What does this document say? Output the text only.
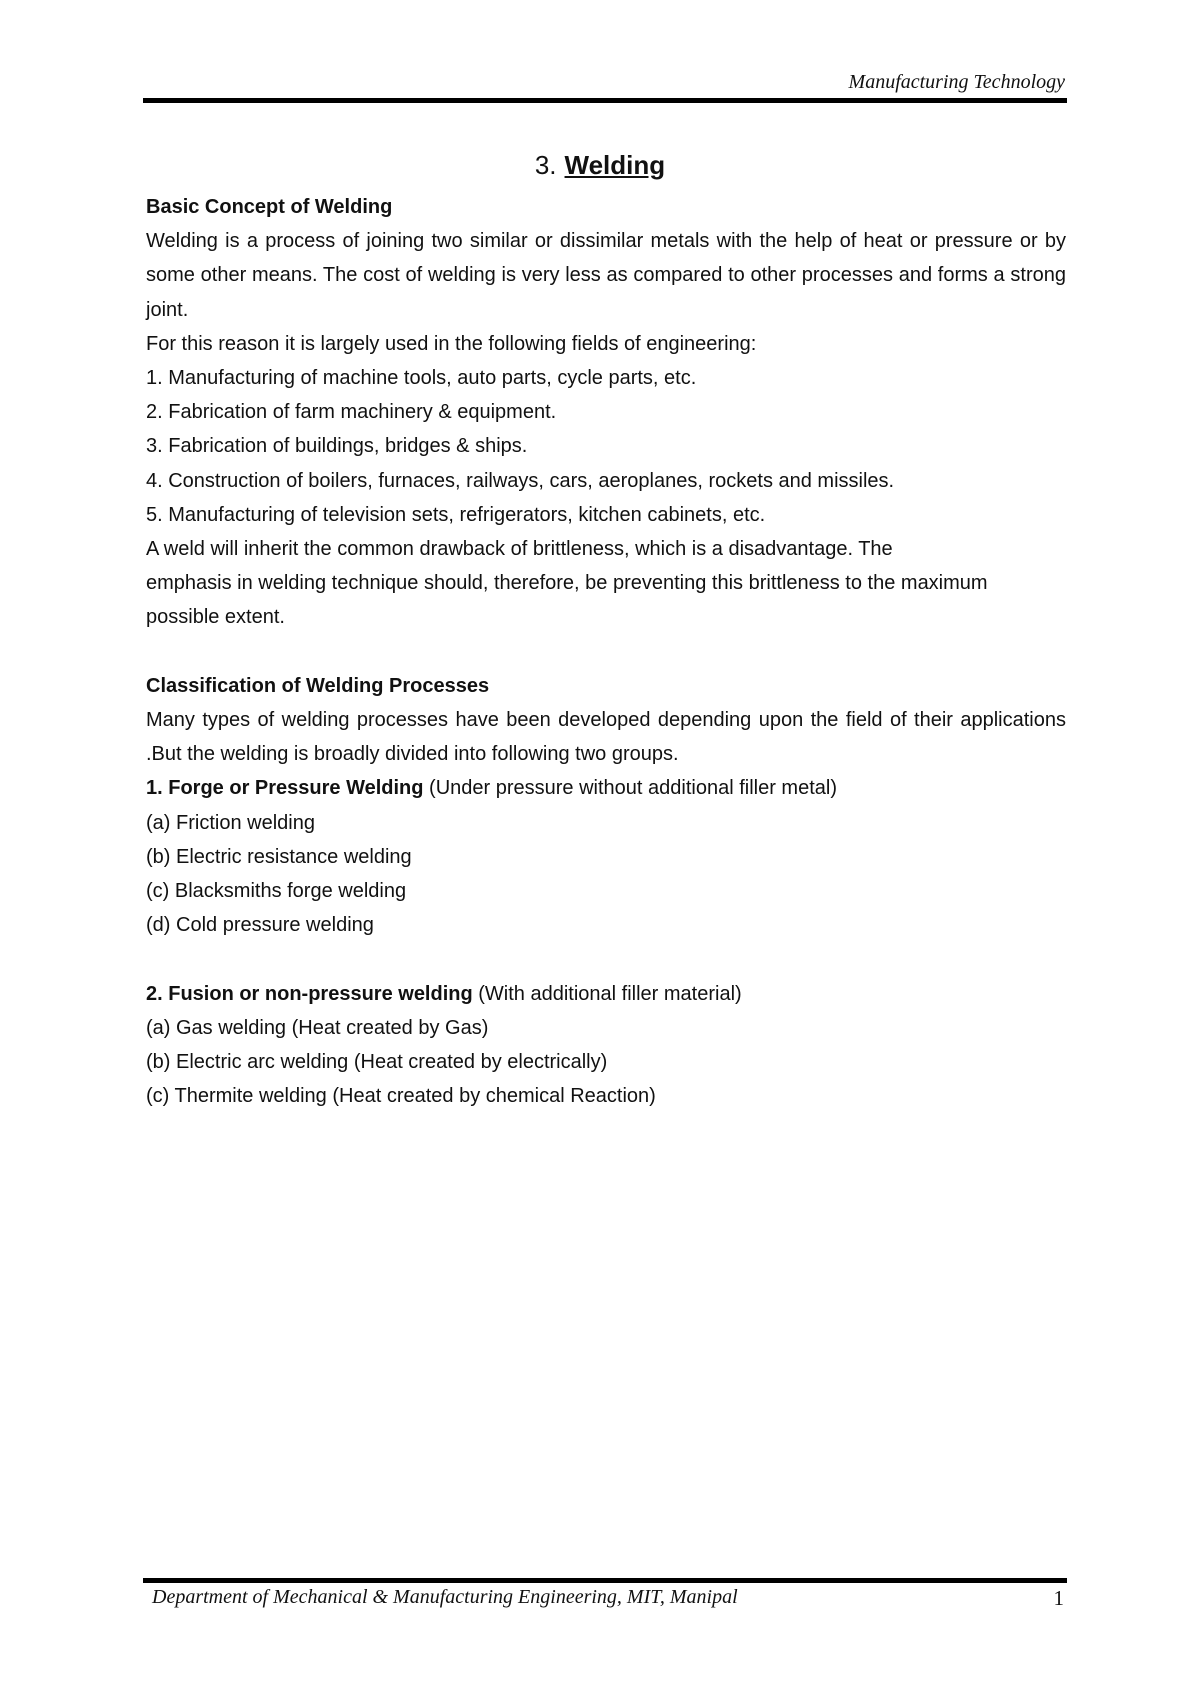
Manufacturing Technology
3. Welding
Basic Concept of Welding
Welding is a process of joining two similar or dissimilar metals with the help of heat or pressure or by some other means. The cost of welding is very less as compared to other processes and forms a strong joint.
For this reason it is largely used in the following fields of engineering:
1. Manufacturing of machine tools, auto parts, cycle parts, etc.
2. Fabrication of farm machinery & equipment.
3. Fabrication of buildings, bridges & ships.
4. Construction of boilers, furnaces, railways, cars, aeroplanes, rockets and missiles.
5. Manufacturing of television sets, refrigerators, kitchen cabinets, etc.
A weld will inherit the common drawback of brittleness, which is a disadvantage. The
emphasis in welding technique should, therefore, be preventing this brittleness to the maximum
possible extent.
Classification of Welding Processes
Many types of welding processes have been developed depending upon the field of their applications .But the welding is broadly divided into following two groups.
1. Forge or Pressure Welding (Under pressure without additional filler metal)
(a) Friction welding
(b) Electric resistance welding
(c) Blacksmiths forge welding
(d) Cold pressure welding
2. Fusion or non-pressure welding (With additional filler material)
(a) Gas welding (Heat created by Gas)
(b) Electric arc welding (Heat created by electrically)
(c) Thermite welding (Heat created by chemical Reaction)
Department of Mechanical & Manufacturing Engineering, MIT, Manipal	1
